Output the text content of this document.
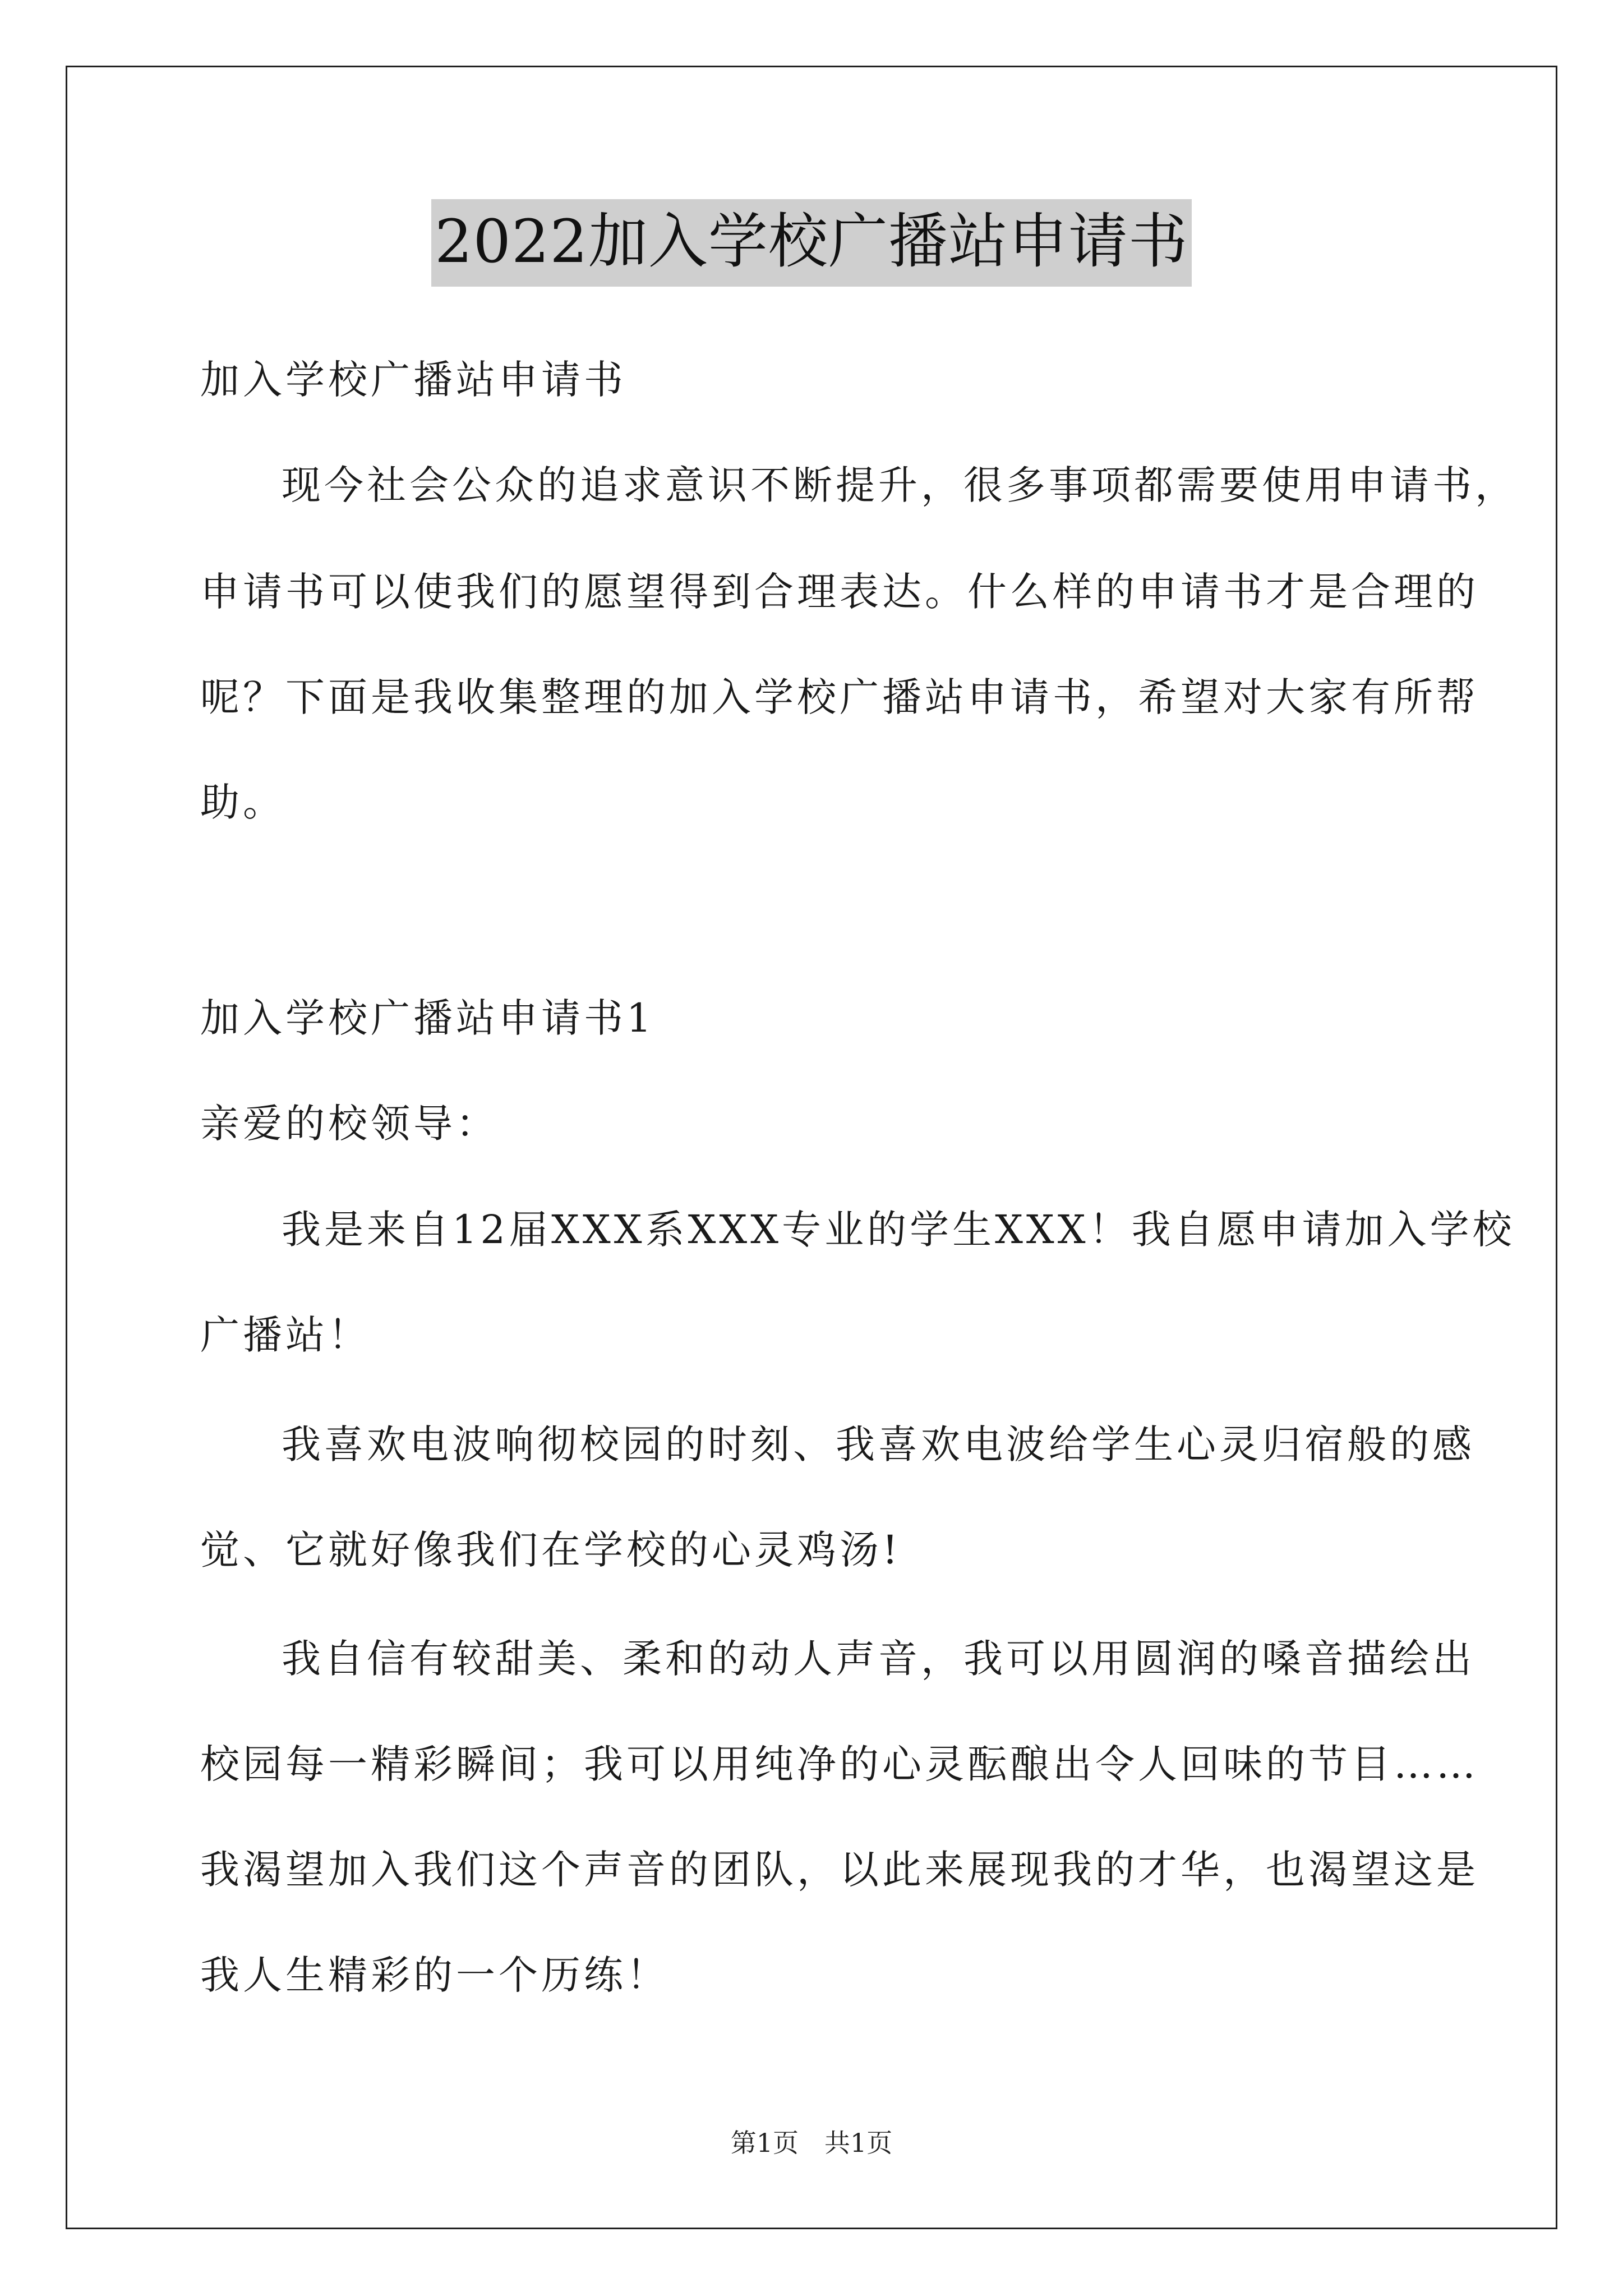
2022加入学校广播站申请书
加入学校广播站申请书
现今社会公众的追求意识不断提升，很多事项都需要使用申请书，
申请书可以使我们的愿望得到合理表达。什么样的申请书才是合理的
呢？下面是我收集整理的加入学校广播站申请书，希望对大家有所帮
助。
加入学校广播站申请书1
亲爱的校领导：
我是来自12届XXX系XXX专业的学生XXX！我自愿申请加入学校
广播站！
我喜欢电波响彻校园的时刻、我喜欢电波给学生心灵归宿般的感
觉、它就好像我们在学校的心灵鸡汤!
我自信有较甜美、柔和的动人声音，我可以用圆润的嗓音描绘出
校园每一精彩瞬间；我可以用纯净的心灵酝酿出令人回味的节目……
我渴望加入我们这个声音的团队，以此来展现我的才华，也渴望这是
我人生精彩的一个历练！
第1页　共1页
